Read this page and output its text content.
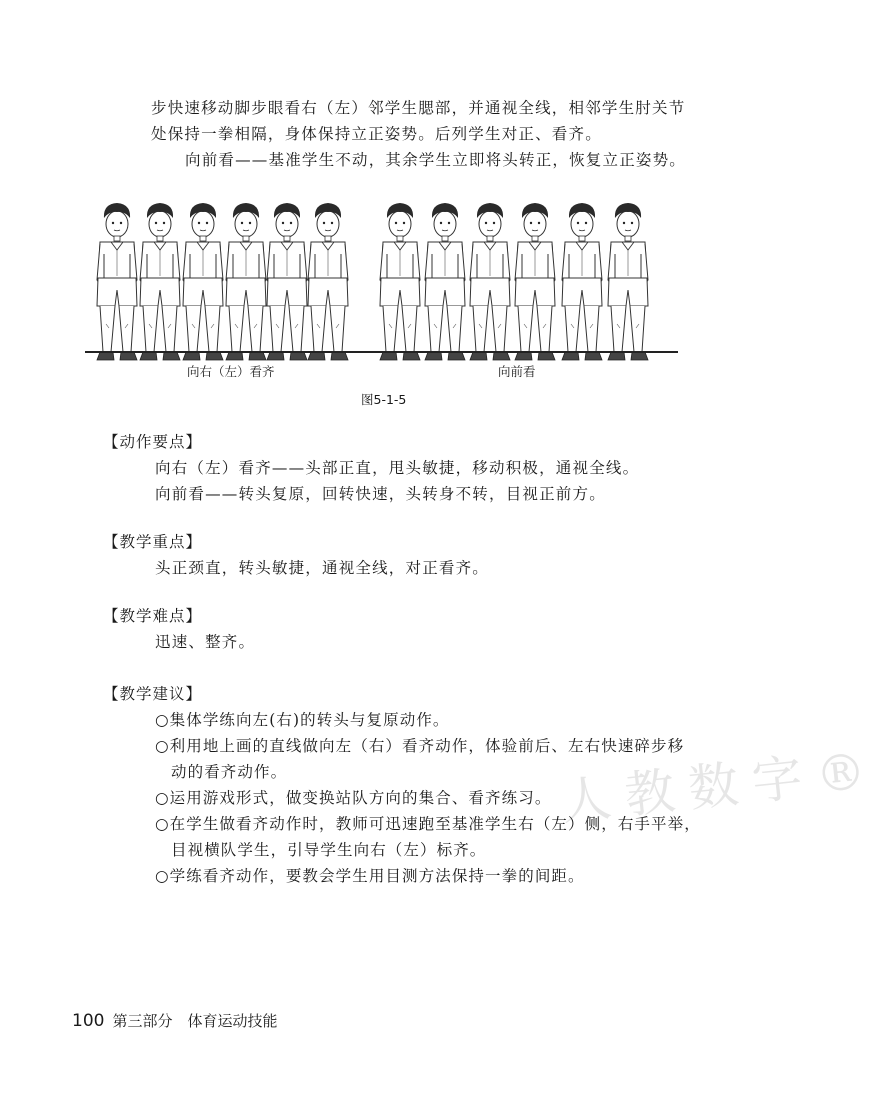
步快速移动脚步眼看右（左）邻学生腮部，并通视全线，相邻学生肘关节
处保持一拳相隔，身体保持立正姿势。后列学生对正、看齐。
向前看——基准学生不动，其余学生立即将头转正，恢复立正姿势。
向右（左）看齐	向前看
图5-1-5
【动作要点】
向右（左）看齐——头部正直，甩头敏捷，移动积极，通视全线。
向前看——转头复原，回转快速，头转身不转，目视正前方。
【教学重点】
头正颈直，转头敏捷，通视全线，对正看齐。
【教学难点】
迅速、整齐。
人教数字®
【教学建议】
○集体学练向左(右)的转头与复原动作。
○利用地上画的直线做向左（右）看齐动作，体验前后、左右快速碎步移
动的看齐动作。
○运用游戏形式，做变换站队方向的集合、看齐练习。
○在学生做看齐动作时，教师可迅速跑至基准学生右（左）侧，右手平举，
目视横队学生，引导学生向右（左）标齐。
○学练看齐动作，要教会学生用目测方法保持一拳的间距。
100 第三部分　体育运动技能
